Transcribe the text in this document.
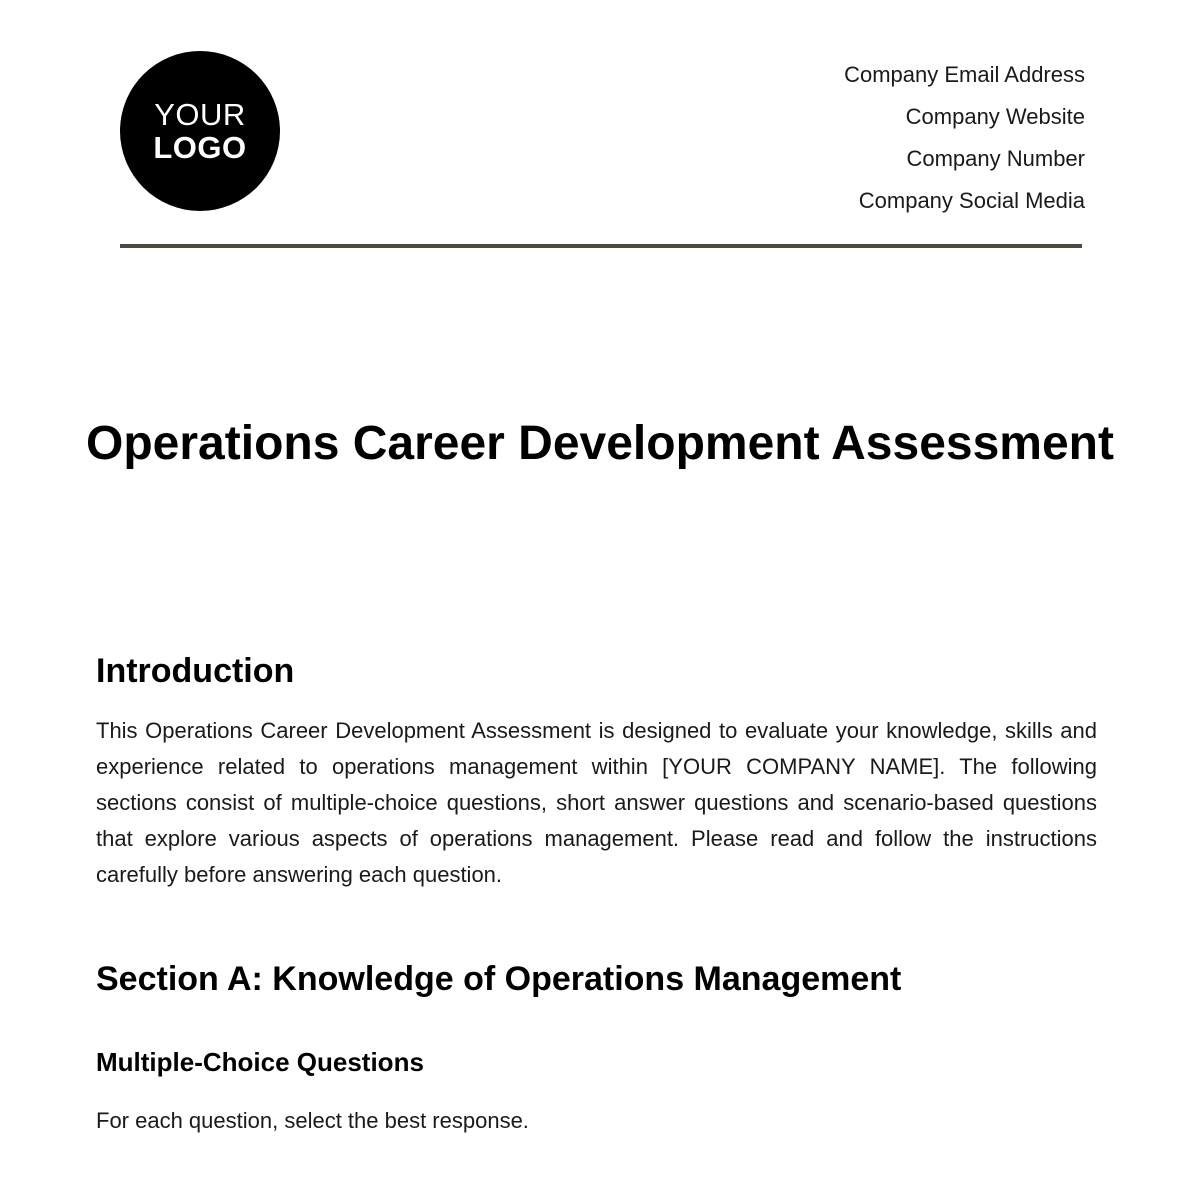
YOUR
LOGO
Company Email Address
Company Website
Company Number
Company Social Media
Operations Career Development Assessment
Introduction

This Operations Career Development Assessment is designed to evaluate your knowledge, skills and experience related to operations management within [YOUR COMPANY NAME]. The following sections consist of multiple-choice questions, short answer questions and scenario-based questions that explore various aspects of operations management. Please read and follow the instructions carefully before answering each question.

Section A: Knowledge of Operations Management
Multiple-Choice Questions

For each question, select the best response.
